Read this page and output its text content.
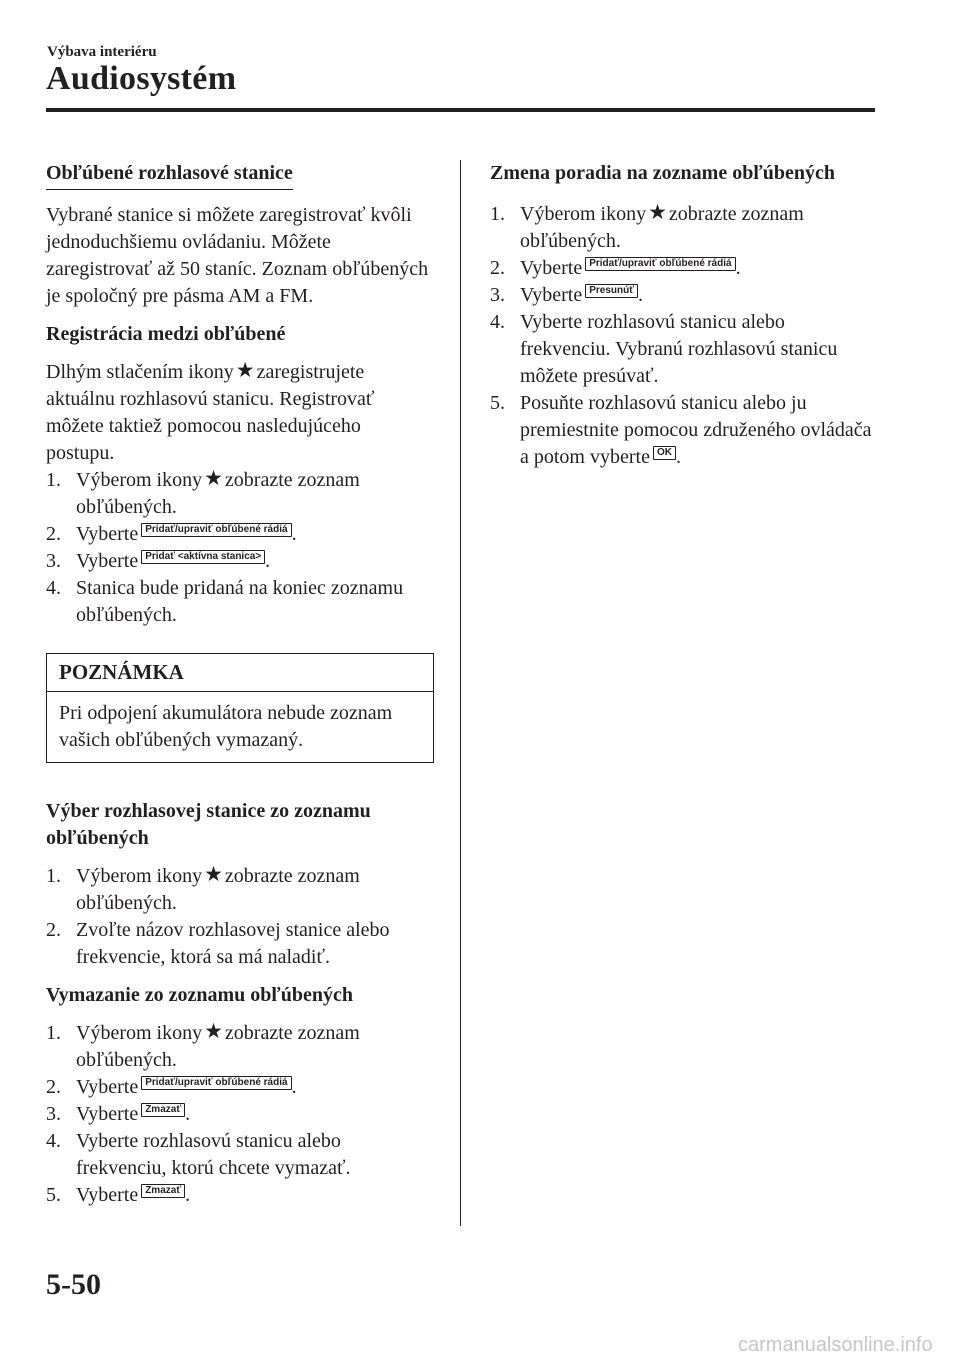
Výbava interiéru
Audiosystém
Obľúbené rozhlasové stanice

Vybrané stanice si môžete zaregistrovať kvôli jednoduchšiemu ovládaniu. Môžete zaregistrovať až 50 staníc. Zoznam obľúbených je spoločný pre pásma AM a FM.

Registrácia medzi obľúbené

Dlhým stlačením ikony★ zaregistrujete aktuálnu rozhlasovú stanicu. Registrovať môžete taktiež pomocou nasledujúceho postupu.

1. Výberom ikony★ zobrazte zoznam obľúbených.
2. Vyberte Pridať/upraviť obľúbené rádiá .
3. Vyberte Pridať <aktívna stanica> .
4. Stanica bude pridaná na koniec zoznamu obľúbených.
POZNÁMKA
Pri odpojení akumulátora nebude zoznam vašich obľúbených vymazaný.

Výber rozhlasovej stanice zo zoznamu obľúbených

1. Výberom ikony★ zobrazte zoznam obľúbených.
2. Zvoľte názov rozhlasovej stanice alebo frekvencie, ktorá sa má naladiť.

Vymazanie zo zoznamu obľúbených

1. Výberom ikony★ zobrazte zoznam obľúbených.
2. Vyberte Pridať/upraviť obľúbené rádiá .
3. Vyberte Zmazať .
4. Vyberte rozhlasovú stanicu alebo frekvenciu, ktorú chcete vymazať.
5. Vyberte Zmazať .

Zmena poradia na zozname obľúbených

1. Výberom ikony★ zobrazte zoznam obľúbených.
2. Vyberte Pridať/upraviť obľúbené rádiá .
3. Vyberte Presunúť .
4. Vyberte rozhlasovú stanicu alebo frekvenciu. Vybranú rozhlasovú stanicu môžete presúvať.
5. Posuňte rozhlasovú stanicu alebo ju premiestnite pomocou združeného ovládača a potom vyberte OK .
5-50
carmanualsonline.info
